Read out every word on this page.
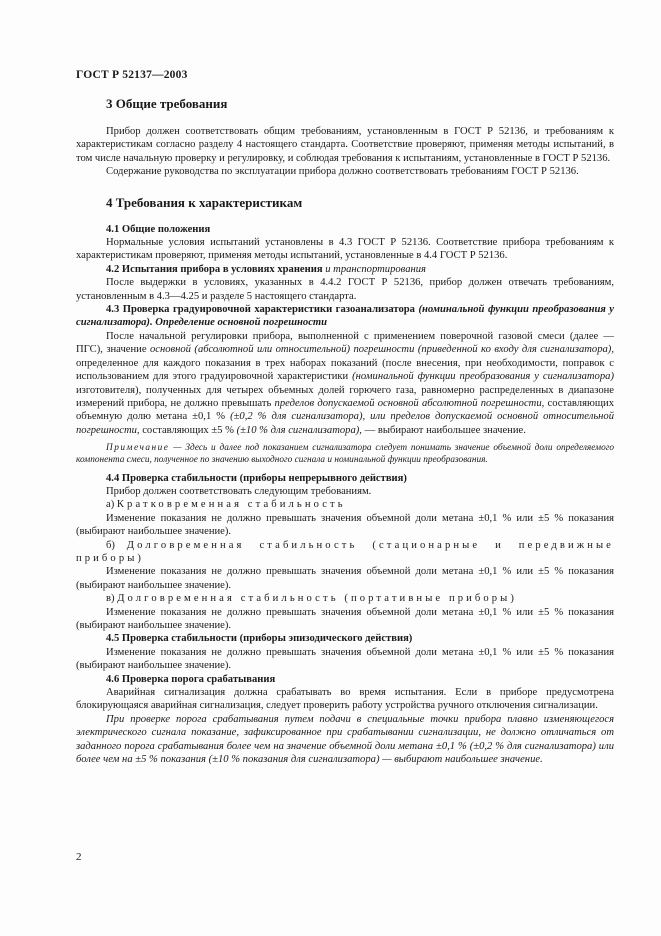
ГОСТ Р 52137—2003
3 Общие требования

Прибор должен соответствовать общим требованиям, установленным в ГОСТ Р 52136, и требованиям к характеристикам согласно разделу 4 настоящего стандарта. Соответствие проверяют, применяя методы испытаний, в том числе начальную проверку и регулировку, и соблюдая требования к испытаниям, установленные в ГОСТ Р 52136.

Содержание руководства по эксплуатации прибора должно соответствовать требованиям ГОСТ Р 52136.

4 Требования к характеристикам
4.1 Общие положения

Нормальные условия испытаний установлены в 4.3 ГОСТ Р 52136. Соответствие прибора требованиям к характеристикам проверяют, применяя методы испытаний, установленные в 4.4 ГОСТ Р 52136.

4.2 Испытания прибора в условиях хранения и транспортирования

После выдержки в условиях, указанных в 4.4.2 ГОСТ Р 52136, прибор должен отвечать требованиям, установленным в 4.3—4.25 и разделе 5 настоящего стандарта.

4.3 Проверка градуировочной характеристики газоанализатора (номинальной функции преобразования у сигнализатора). Определение основной погрешности

После начальной регулировки прибора, выполненной с применением поверочной газовой смеси (далее — ПГС), значение основной (абсолютной или относительной) погрешности (приведенной ко входу для сигнализатора), определенное для каждого показания в трех наборах показаний (после внесения, при необходимости, поправок с использованием для этого градуировочной характеристики (номинальной функции преобразования у сигнализатора) изготовителя), полученных для четырех объемных долей горючего газа, равномерно распределенных в диапазоне измерений прибора, не должно превышать пределов допускаемой основной абсолютной погрешности, составляющих объемную долю метана ±0,1 % (±0,2 % для сигнализатора), или пределов допускаемой основной относительной погрешности, составляющих ±5 % (±10 % для сигнализатора), — выбирают наибольшее значение.

Примечание — Здесь и далее под показанием сигнализатора следует понимать значение объемной доли определяемого компонента смеси, полученное по значению выходного сигнала и номинальной функции преобразования.
4.4 Проверка стабильности (приборы непрерывного действия)

Прибор должен соответствовать следующим требованиям.

а) Кратковременная стабильность

Изменение показания не должно превышать значения объемной доли метана ±0,1 % или ±5 % показания (выбирают наибольшее значение).

б) Долговременная стабильность (стационарные и передвижные приборы)

Изменение показания не должно превышать значения объемной доли метана ±0,1 % или ±5 % показания (выбирают наибольшее значение).

в) Долговременная стабильность (портативные приборы)

Изменение показания не должно превышать значения объемной доли метана ±0,1 % или ±5 % показания (выбирают наибольшее значение).

4.5 Проверка стабильности (приборы эпизодического действия)

Изменение показания не должно превышать значения объемной доли метана ±0,1 % или ±5 % показания (выбирают наибольшее значение).

4.6 Проверка порога срабатывания

Аварийная сигнализация должна срабатывать во время испытания. Если в приборе предусмотрена блокирующаяся аварийная сигнализация, следует проверить работу устройства ручного отключения сигнализации.

При проверке порога срабатывания путем подачи в специальные точки прибора плавно изменяющегося электрического сигнала показание, зафиксированное при срабатывании сигнализации, не должно отличаться от заданного порога срабатывания более чем на значение объемной доли метана ±0,1 % (±0,2 % для сигнализатора) или более чем на ±5 % показания (±10 % показания для сигнализатора) — выбирают наибольшее значение.

2
